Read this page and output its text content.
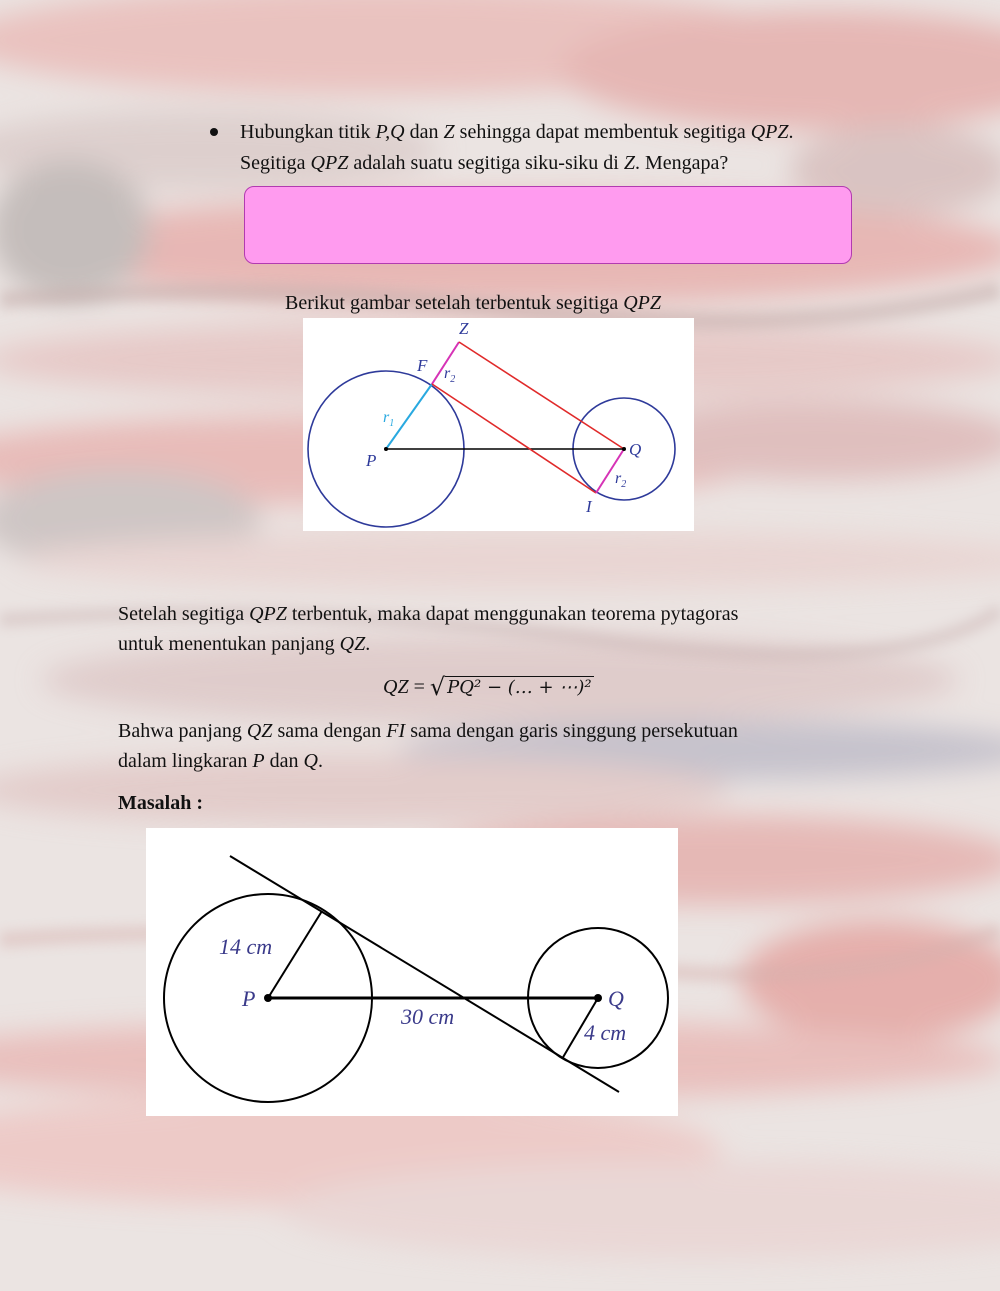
Hubungkan titik P,Q dan Z sehingga dapat membentuk segitiga QPZ.
Segitiga QPZ adalah suatu segitiga siku-siku di Z. Mengapa?
Berikut gambar setelah terbentuk segitiga QPZ
Z
F $r_2$
$r_1$
P
Q
$r_2$
I
Setelah segitiga QPZ terbentuk, maka dapat menggunakan teorema pytagoras
untuk menentukan panjang QZ.
QZ = √ PQ² − (… + ⋯)²
Bahwa panjang QZ sama dengan FI sama dengan garis singgung persekutuan
dalam lingkaran P dan Q.
Masalah :
14 cm
P
30 cm
Q
4 cm
